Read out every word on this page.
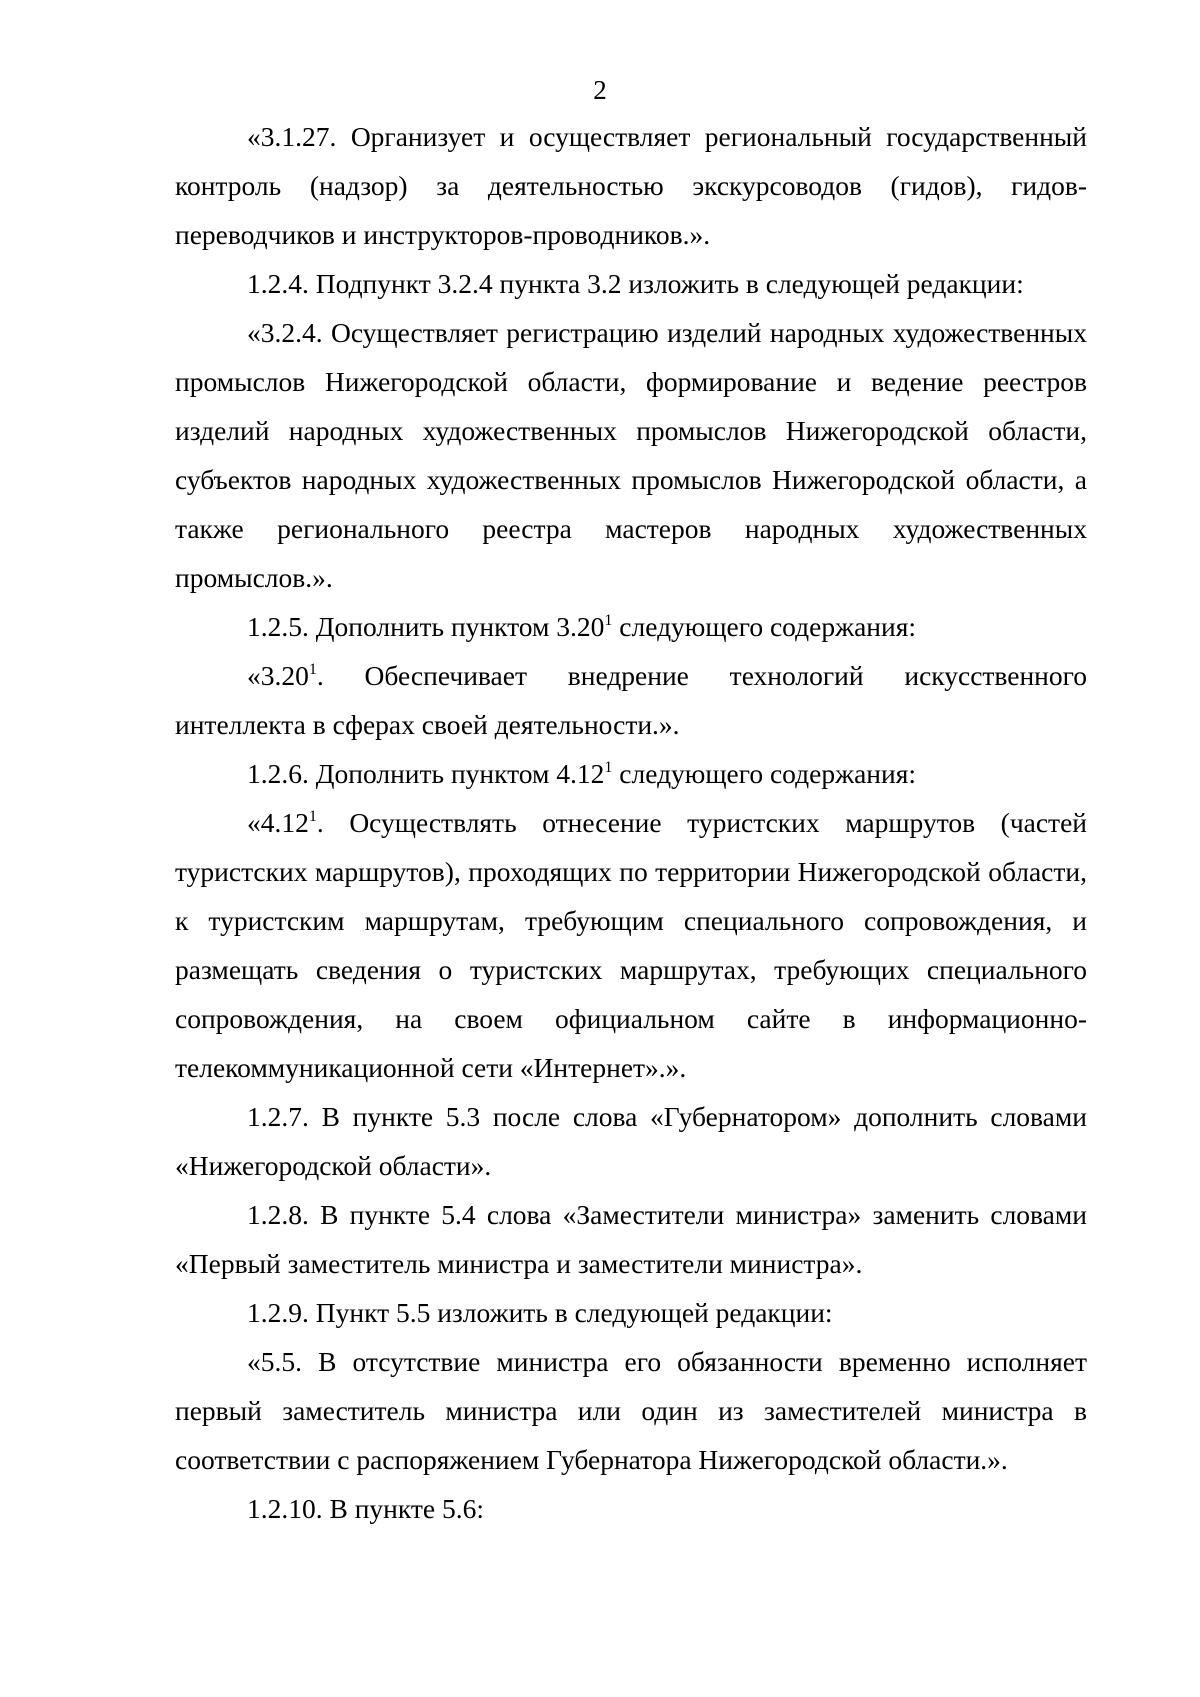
2

«3.1.27. Организует и осуществляет региональный государственный контроль (надзор) за деятельностью экскурсоводов (гидов), гидов-переводчиков и инструкторов-проводников.».

1.2.4. Подпункт 3.2.4 пункта 3.2 изложить в следующей редакции:

«3.2.4. Осуществляет регистрацию изделий народных художественных промыслов Нижегородской области, формирование и ведение реестров изделий народных художественных промыслов Нижегородской области, субъектов народных художественных промыслов Нижегородской области, а также регионального реестра мастеров народных художественных промыслов.».

1.2.5. Дополнить пунктом 3.20$^1$ следующего содержания:

«3.20$^1$. Обеспечивает внедрение технологий искусственного интеллекта в сферах своей деятельности.».

1.2.6. Дополнить пунктом 4.12$^1$ следующего содержания:

«4.12$^1$. Осуществлять отнесение туристских маршрутов (частей туристских маршрутов), проходящих по территории Нижегородской области, к туристским маршрутам, требующим специального сопровождения, и размещать сведения о туристских маршрутах, требующих специального сопровождения, на своем официальном сайте в информационно-телекоммуникационной сети «Интернет».».

1.2.7. В пункте 5.3 после слова «Губернатором» дополнить словами «Нижегородской области».

1.2.8. В пункте 5.4 слова «Заместители министра» заменить словами «Первый заместитель министра и заместители министра».

1.2.9. Пункт 5.5 изложить в следующей редакции:

«5.5. В отсутствие министра его обязанности временно исполняет первый заместитель министра или один из заместителей министра в соответствии с распоряжением Губернатора Нижегородской области.».

1.2.10. В пункте 5.6:
